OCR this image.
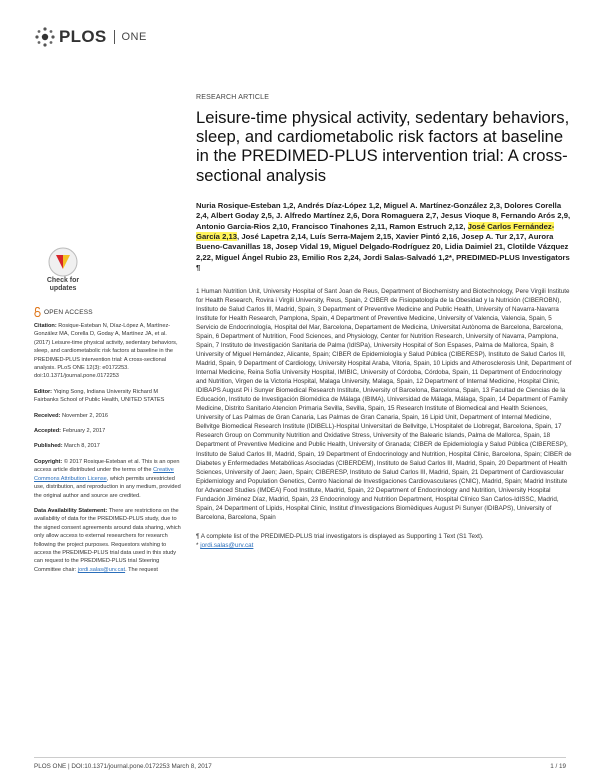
PLOS ONE
RESEARCH ARTICLE
Leisure-time physical activity, sedentary behaviors, sleep, and cardiometabolic risk factors at baseline in the PREDIMED-PLUS intervention trial: A cross-sectional analysis

Nuria Rosique-Esteban 1,2, Andrés Díaz-López 1,2, Miguel A. Martínez-González 2,3, Dolores Corella 2,4, Albert Goday 2,5, J. Alfredo Martínez 2,6, Dora Romaguera 2,7, Jesus Vioque 8, Fernando Arós 2,9, Antonio Garcia-Rios 2,10, Francisco Tinahones 2,11, Ramon Estruch 2,12, José Carlos Fernández-García 2,13, José Lapetra 2,14, Luís Serra-Majem 2,15, Xavier Pintó 2,16, Josep A. Tur 2,17, Aurora Bueno-Cavanillas 18, Josep Vidal 19, Miguel Delgado-Rodríguez 20, Lidia Daimiel 21, Clotilde Vázquez 2,22, Miguel Ángel Rubio 23, Emilio Ros 2,24, Jordi Salas-Salvadó 1,2*, PREDIMED-PLUS Investigators ¶

1 Human Nutrition Unit, University Hospital of Sant Joan de Reus, Department of Biochemistry and Biotechnology, Pere Virgili Institute for Health Research, Rovira i Virgili University, Reus, Spain, 2 CIBER de Fisiopatología de la Obesidad y la Nutrición (CIBEROBN), Instituto de Salud Carlos III, Madrid, Spain, 3 Department of Preventive Medicine and Public Health, University of Navarra-Navarra Institute for Health Research, Pamplona, Spain, 4 Department of Preventive Medicine, University of Valencia, Valencia, Spain, 5 Servicio de Endocrinología, Hospital del Mar, Barcelona, Departament de Medicina, Universitat Autònoma de Barcelona, Barcelona, Spain, 6 Department of Nutrition, Food Sciences, and Physiology, Center for Nutrition Research, University of Navarra, Pamplona, Spain, 7 Instituto de Investigación Sanitaria de Palma (IdISPa), University Hospital of Son Espases, Palma de Mallorca, Spain, 8 University of Miguel Hernández, Alicante, Spain; CIBER de Epidemiología y Salud Pública (CIBERESP), Instituto de Salud Carlos III, Madrid, Spain, 9 Department of Cardiology, University Hospital Araba, Vitoria, Spain, 10 Lipids and Atherosclerosis Unit, Department of Internal Medicine, Reina Sofía University Hospital, IMIBIC, University of Córdoba, Córdoba, Spain, 11 Department of Endocrinology and Nutrition, Virgen de la Victoria Hospital, Malaga University, Malaga, Spain, 12 Department of Internal Medicine, Hospital Clinic, IDIBAPS August Pi i Sunyer Biomedical Research Institute, University of Barcelona, Barcelona, Spain, 13 Facultad de Ciencias de la Educación, Instituto de Investigación Biomédica de Málaga (IBIMA), Universidad de Málaga, Málaga, Spain, 14 Department of Family Medicine, Distrito Sanitario Atencion Primaria Sevilla, Sevilla, Spain, 15 Research Institute of Biomedical and Health Sciences, University of Las Palmas de Gran Canaria, Las Palmas de Gran Canaria, Spain, 16 Lipid Unit, Department of Internal Medicine, Bellvitge Biomedical Research Institute (IDIBELL)-Hospital Universitari de Bellvitge, L'Hospitalet de Llobregat, Barcelona, Spain, 17 Research Group on Community Nutrition and Oxidative Stress, University of the Balearic Islands, Palma de Mallorca, Spain, 18 Department of Preventive Medicine and Public Health, University of Granada; CIBER de Epidemiología y Salud Pública (CIBERESP), Instituto de Salud Carlos III, Madrid, Spain, 19 Department of Endocrinology and Nutrition, Hospital Clinic, Barcelona, Spain; CIBER de Diabetes y Enfermedades Metabólicas Asociadas (CIBERDEM), Instituto de Salud Carlos III, Madrid, Spain, 20 Department of Health Sciences, University of Jaen; Jaen, Spain; CIBERESP, Instituto de Salud Carlos III, Madrid, Spain, 21 Department of Cardiovascular Epidemiology and Population Genetics, Centro Nacional de Investigaciones Cardiovasculares (CNIC), Madrid, Spain; Madrid Institute for Advanced Studies (IMDEA) Food Institute, Madrid, Spain, 22 Department of Endocrinology and Nutrition, University Hospital Fundación Jiménez Díaz, Madrid, Spain, 23 Endocrinology and Nutrition Department, Hospital Clínico San Carlos-IdISSC, Madrid, Spain, 24 Department of Lipids, Hospital Clinic, Institut d'Investigacions Biomèdiques August Pi Sunyer (IDIBAPS), University of Barcelona, Barcelona, Spain

¶ A complete list of the PREDIMED-PLUS trial investigators is displayed as Supporting 1 Text (S1 Text).
* jordi.salas@urv.cat
Check for
updates
OPEN ACCESS
Citation: Rosique-Esteban N, Díaz-López A, Martínez-González MA, Corella D, Goday A, Martínez JA, et al. (2017) Leisure-time physical activity, sedentary behaviors, sleep, and cardiometabolic risk factors at baseline in the PREDIMED-PLUS intervention trial: A cross-sectional analysis. PLoS ONE 12(3): e0172253. doi:10.1371/journal.pone.0172253
Editor: Yiqing Song, Indiana University Richard M Fairbanks School of Public Health, UNITED STATES
Received: November 2, 2016
Accepted: February 2, 2017
Published: March 8, 2017
Copyright: © 2017 Rosique-Esteban et al. This is an open access article distributed under the terms of the Creative Commons Attribution License, which permits unrestricted use, distribution, and reproduction in any medium, provided the original author and source are credited.
Data Availability Statement: There are restrictions on the availability of data for the PREDIMED-PLUS study, due to the signed consent agreements around data sharing, which only allow access to external researchers for research following the project purposes. Requestors wishing to access the PREDIMED-PLUS trial data used in this study can request to the PREDIMED-PLUS trial Steering Committee chair: jordi.salas@urv.cat. The request
PLOS ONE | DOI:10.1371/journal.pone.0172253 March 8, 2017	1 / 19
